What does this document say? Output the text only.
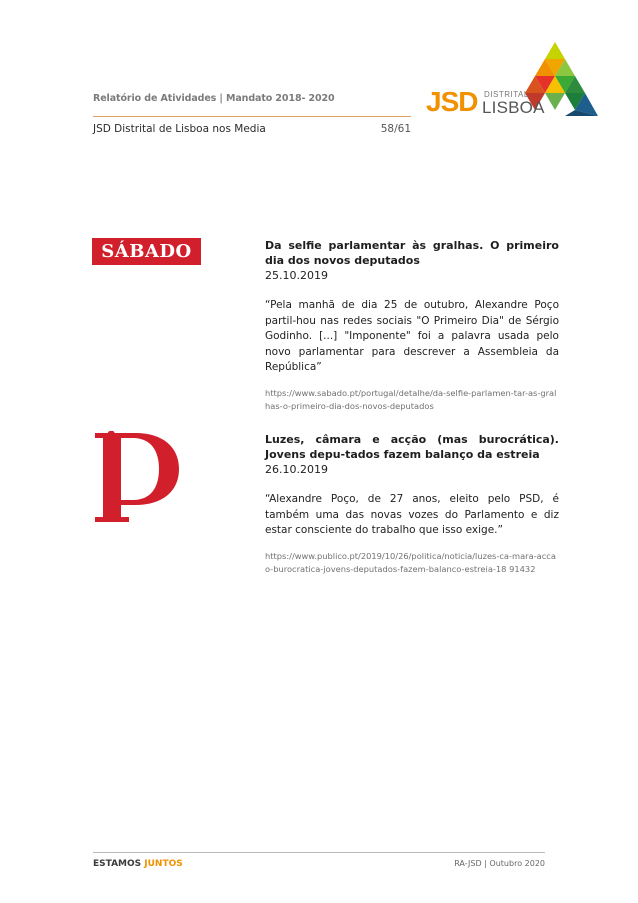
Relatório de Atividades | Mandato 2018- 2020
JSD Distrital de Lisboa nos Media	58/61
JSD DISTRITAL
LISBOA
SÁBADO	Da selfie parlamentar às gralhas. O primeiro dia dos novos deputados
25.10.2019
“Pela manhã de dia 25 de outubro, Alexandre Poço partil-hou nas redes sociais "O Primeiro Dia" de Sérgio Godinho. [...] "Imponente" foi a palavra usada pelo novo parlamentar para descrever a Assembleia da República”
https://www.sabado.pt/portugal/detalhe/da-selfie-parlamen-tar-as-gralhas-o-primeiro-dia-dos-novos-deputados
Público	Luzes, câmara e acção (mas burocrática). Jovens depu-tados fazem balanço da estreia
26.10.2019
“Alexandre Poço, de 27 anos, eleito pelo PSD, é também uma das novas vozes do Parlamento e diz estar consciente do trabalho que isso exige.”
https://www.publico.pt/2019/10/26/politica/noticia/luzes-ca-mara-accao-burocratica-jovens-deputados-fazem-balanco-estreia-18 91432
ESTAMOS JUNTOS	RA-JSD | Outubro 2020
